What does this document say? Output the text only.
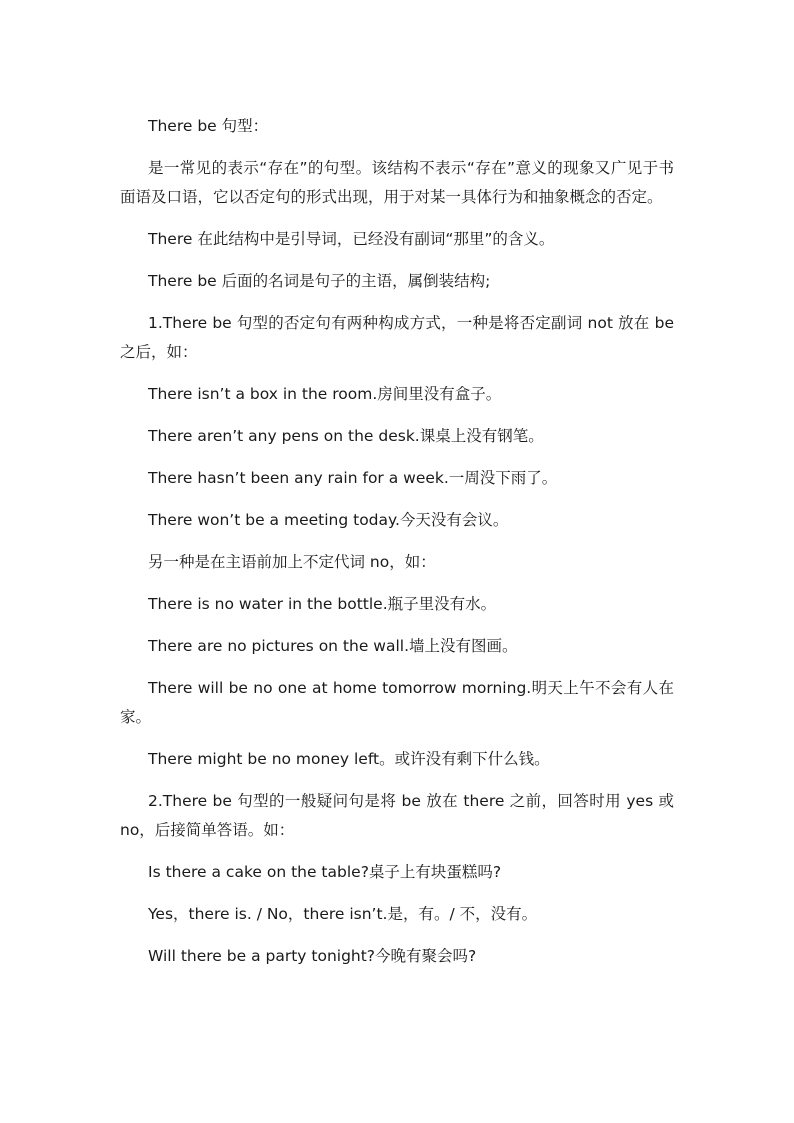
There be 句型：

是一常见的表示“存在”的句型。该结构不表示“存在”意义的现象又广见于书面语及口语，它以否定句的形式出现，用于对某一具体行为和抽象概念的否定。

There 在此结构中是引导词，已经没有副词“那里”的含义。

There be 后面的名词是句子的主语，属倒装结构;

1.There be 句型的否定句有两种构成方式，一种是将否定副词 not 放在 be 之后，如：

There isn’t a box in the room.房间里没有盒子。

There aren’t any pens on the desk.课桌上没有钢笔。

There hasn’t been any rain for a week.一周没下雨了。

There won’t be a meeting today.今天没有会议。

另一种是在主语前加上不定代词 no，如：

There is no water in the bottle.瓶子里没有水。

There are no pictures on the wall.墙上没有图画。

There will be no one at home tomorrow morning.明天上午不会有人在家。

There might be no money left。或许没有剩下什么钱。

2.There be 句型的一般疑问句是将 be 放在 there 之前，回答时用 yes 或 no，后接简单答语。如：

Is there a cake on the table?桌子上有块蛋糕吗?

Yes，there is. / No，there isn’t.是，有。/ 不，没有。

Will there be a party tonight?今晚有聚会吗?
